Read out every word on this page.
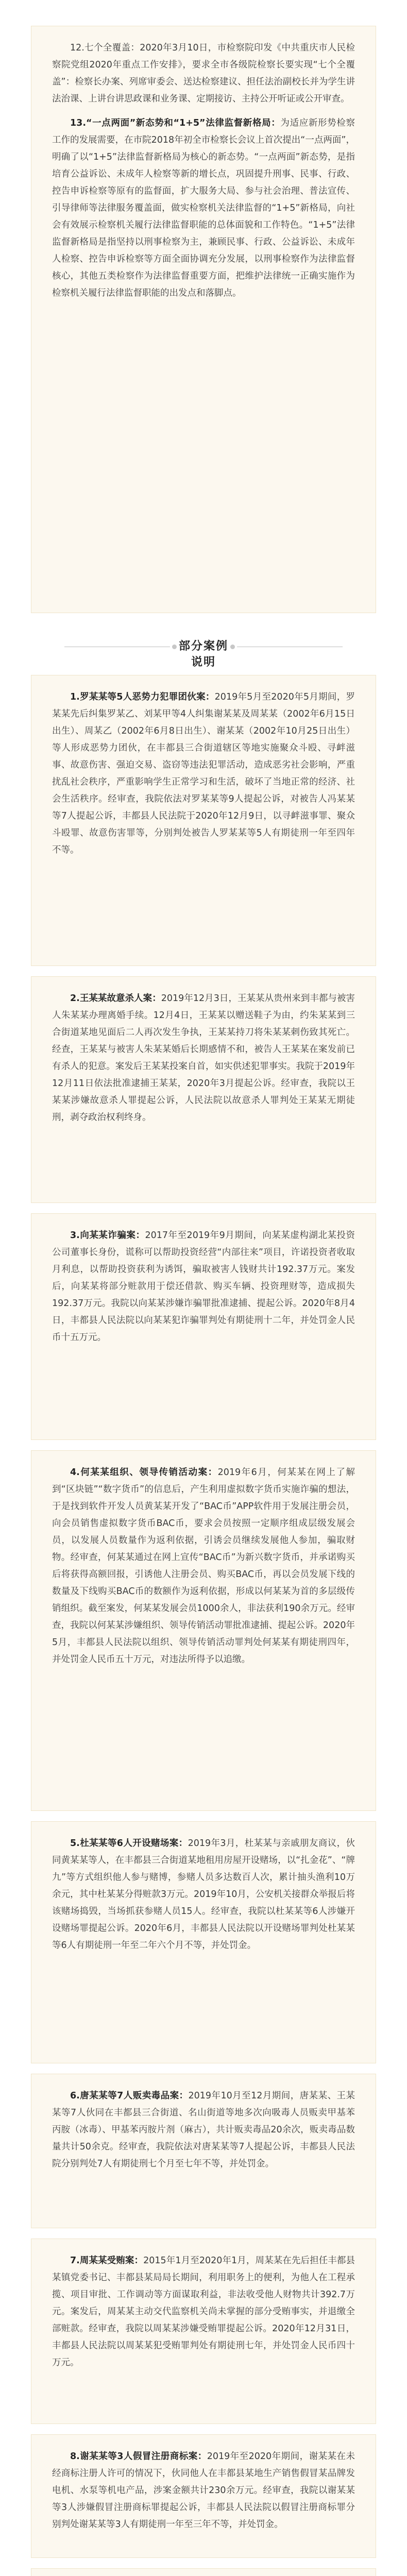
12.七个全覆盖：2020年3月10日，市检察院印发《中共重庆市人民检察院党组2020年重点工作安排》，要求全市各级院检察长要实现“七个全覆盖”：检察长办案、列席审委会、送达检察建议、担任法治副校长并为学生讲法治课、上讲台讲思政课和业务课、定期接访、主持公开听证或公开审查。

13.“一点两面”新态势和“1+5”法律监督新格局：为适应新形势检察工作的发展需要，在市院2018年初全市检察长会议上首次提出“一点两面”，明确了以“1+5”法律监督新格局为核心的新态势。“一点两面”新态势，是指培育公益诉讼、未成年人检察等新的增长点，巩固提升刑事、民事、行政、控告申诉检察等原有的监督面，扩大服务大局、参与社会治理、普法宣传、引导律师等法律服务覆盖面，做实检察机关法律监督的“1+5”新格局，向社会有效展示检察机关履行法律监督职能的总体面貌和工作特色。“1+5”法律监督新格局是指坚持以刑事检察为主，兼顾民事、行政、公益诉讼、未成年人检察、控告申诉检察等方面全面协调充分发展，以刑事检察作为法律监督核心，其他五类检察作为法律监督重要方面，把维护法律统一正确实施作为检察机关履行法律监督职能的出发点和落脚点。

部分案例说明

1.罗某某等5人恶势力犯罪团伙案：2019年5月至2020年5月期间，罗某某先后纠集罗某乙、刘某甲等4人纠集谢某某及周某某（2002年6月15日出生）、周某乙（2002年6月8日出生）、谢某某（2002年10月25日出生）等人形成恶势力团伙，在丰都县三合街道辖区等地实施聚众斗殴、寻衅滋事、故意伤害、强迫交易、盗窃等违法犯罪活动，造成恶劣社会影响，严重扰乱社会秩序，严重影响学生正常学习和生活，破坏了当地正常的经济、社会生活秩序。经审查，我院依法对罗某某等9人提起公诉，对被告人冯某某等7人提起公诉，丰都县人民法院于2020年12月9日，以寻衅滋事罪、聚众斗殴罪、故意伤害罪等，分别判处被告人罗某某等5人有期徒刑一年至四年不等。

2.王某某故意杀人案：2019年12月3日，王某某从贵州来到丰都与被害人朱某某办理离婚手续。12月4日，王某某以赠送鞋子为由，约朱某某到三合街道某地见面后二人再次发生争执，王某某持刀将朱某某刺伤致其死亡。经查，王某某与被害人朱某某婚后长期感情不和，被告人王某某在案发前已有杀人的犯意。案发后王某某投案自首，如实供述犯罪事实。我院于2019年12月11日依法批准逮捕王某某，2020年3月提起公诉。经审查，我院以王某某涉嫌故意杀人罪提起公诉，人民法院以故意杀人罪判处王某某无期徒刑，剥夺政治权利终身。

3.向某某诈骗案：2017年至2019年9月期间，向某某虚构湖北某投资公司董事长身份，谎称可以帮助投资经营“内部往来”项目，许诺投资者收取月利息，以帮助投资获利为诱饵，骗取被害人钱财共计192.37万元。案发后，向某某将部分赃款用于偿还借款、购买车辆、投资理财等，造成损失192.37万元。我院以向某某涉嫌诈骗罪批准逮捕、提起公诉。2020年8月4日，丰都县人民法院以向某某犯诈骗罪判处有期徒刑十二年，并处罚金人民币十五万元。

4.何某某组织、领导传销活动案：2019年6月，何某某在网上了解到“区块链”“数字货币”的信息后，产生利用虚拟数字货币实施诈骗的想法，于是找到软件开发人员黄某某开发了“BAC币”APP软件用于发展注册会员，向会员销售虚拟数字货币BAC币，要求会员按照一定顺序组成层级发展会员，以发展人员数量作为返利依据，引诱会员继续发展他人参加，骗取财物。经审查，何某某通过在网上宣传“BAC币”为新兴数字货币，并承诺购买后将获得高额回报，引诱他人注册会员、购买BAC币，再以会员发展下线的数量及下线购买BAC币的数额作为返利依据，形成以何某某为首的多层级传销组织。截至案发，何某某发展会员1000余人，非法获利190余万元。经审查，我院以何某某涉嫌组织、领导传销活动罪批准逮捕、提起公诉。2020年5月，丰都县人民法院以组织、领导传销活动罪判处何某某有期徒刑四年，并处罚金人民币五十万元，对违法所得予以追缴。

5.杜某某等6人开设赌场案：2019年3月，杜某某与亲戚朋友商议，伙同黄某某等人，在丰都县三合街道某地租用房屋开设赌场，以“扎金花”、“牌九”等方式组织他人参与赌博，参赌人员多达数百人次，累计抽头渔利10万余元，其中杜某某分得赃款3万元。2019年10月，公安机关接群众举报后将该赌场捣毁，当场抓获参赌人员15人。经审查，我院以杜某某等6人涉嫌开设赌场罪提起公诉。2020年6月，丰都县人民法院以开设赌场罪判处杜某某等6人有期徒刑一年至二年六个月不等，并处罚金。

6.唐某某等7人贩卖毒品案：2019年10月至12月期间，唐某某、王某某等7人伙同在丰都县三合街道、名山街道等地多次向吸毒人员贩卖甲基苯丙胺（冰毒）、甲基苯丙胺片剂（麻古），共计贩卖毒品20余次，贩卖毒品数量共计50余克。经审查，我院依法对唐某某等7人提起公诉，丰都县人民法院分别判处7人有期徒刑七个月至七年不等，并处罚金。

7.周某某受贿案：2015年1月至2020年1月，周某某在先后担任丰都县某镇党委书记、丰都县某局局长期间，利用职务上的便利，为他人在工程承揽、项目审批、工作调动等方面谋取利益，非法收受他人财物共计392.7万元。案发后，周某某主动交代监察机关尚未掌握的部分受贿事实，并退缴全部赃款。经审查，我院以周某某涉嫌受贿罪提起公诉。2020年12月31日，丰都县人民法院以周某某犯受贿罪判处有期徒刑七年，并处罚金人民币四十万元。

8.谢某某等3人假冒注册商标案：2019年至2020年期间，谢某某在未经商标注册人许可的情况下，伙同他人在丰都县某地生产销售假冒某品牌发电机、水泵等机电产品，涉案金额共计230余万元。经审查，我院以谢某某等3人涉嫌假冒注册商标罪提起公诉，丰都县人民法院以假冒注册商标罪分别判处谢某某等3人有期徒刑一年至三年不等，并处罚金。
